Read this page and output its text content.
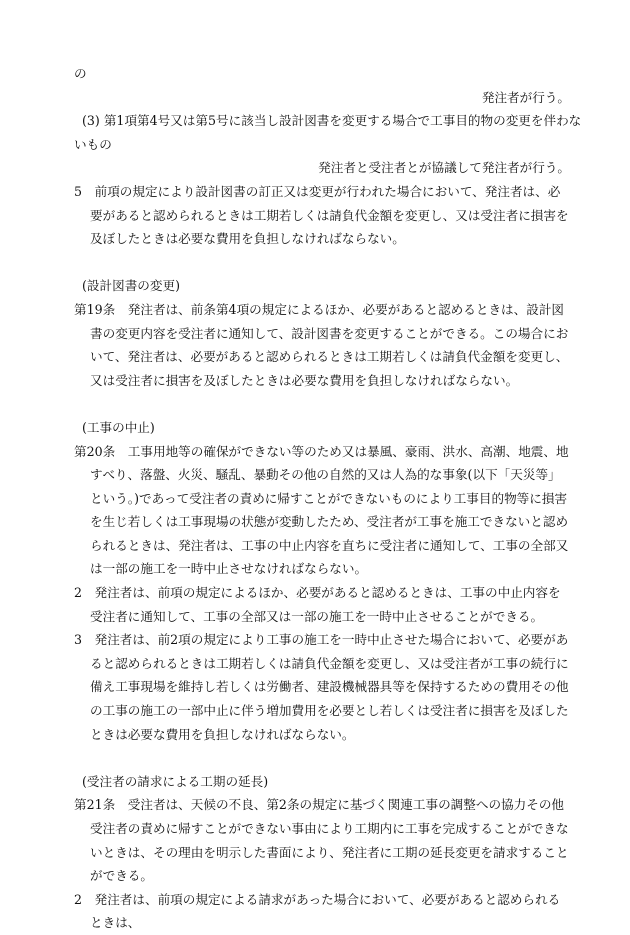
の
発注者が行う。
(3) 第1項第4号又は第5号に該当し設計図書を変更する場合で工事目的物の変更を伴わな
いもの
発注者と受注者とが協議して発注者が行う。
5　前項の規定により設計図書の訂正又は変更が行われた場合において、発注者は、必要があると認められるときは工期若しくは請負代金額を変更し、又は受注者に損害を及ぼしたときは必要な費用を負担しなければならない。
(設計図書の変更)
第19条　発注者は、前条第4項の規定によるほか、必要があると認めるときは、設計図書の変更内容を受注者に通知して、設計図書を変更することができる。この場合において、発注者は、必要があると認められるときは工期若しくは請負代金額を変更し、又は受注者に損害を及ぼしたときは必要な費用を負担しなければならない。
(工事の中止)
第20条　工事用地等の確保ができない等のため又は暴風、豪雨、洪水、高潮、地震、地すべり、落盤、火災、騒乱、暴動その他の自然的又は人為的な事象(以下「天災等」という。)であって受注者の責めに帰すことができないものにより工事目的物等に損害を生じ若しくは工事現場の状態が変動したため、受注者が工事を施工できないと認められるときは、発注者は、工事の中止内容を直ちに受注者に通知して、工事の全部又は一部の施工を一時中止させなければならない。
2　発注者は、前項の規定によるほか、必要があると認めるときは、工事の中止内容を受注者に通知して、工事の全部又は一部の施工を一時中止させることができる。
3　発注者は、前2項の規定により工事の施工を一時中止させた場合において、必要があると認められるときは工期若しくは請負代金額を変更し、又は受注者が工事の続行に備え工事現場を維持し若しくは労働者、建設機械器具等を保持するための費用その他の工事の施工の一部中止に伴う増加費用を必要とし若しくは受注者に損害を及ぼしたときは必要な費用を負担しなければならない。
(受注者の請求による工期の延長)
第21条　受注者は、天候の不良、第2条の規定に基づく関連工事の調整への協力その他受注者の責めに帰すことができない事由により工期内に工事を完成することができないときは、その理由を明示した書面により、発注者に工期の延長変更を請求することができる。
2　発注者は、前項の規定による請求があった場合において、必要があると認められるときは、
